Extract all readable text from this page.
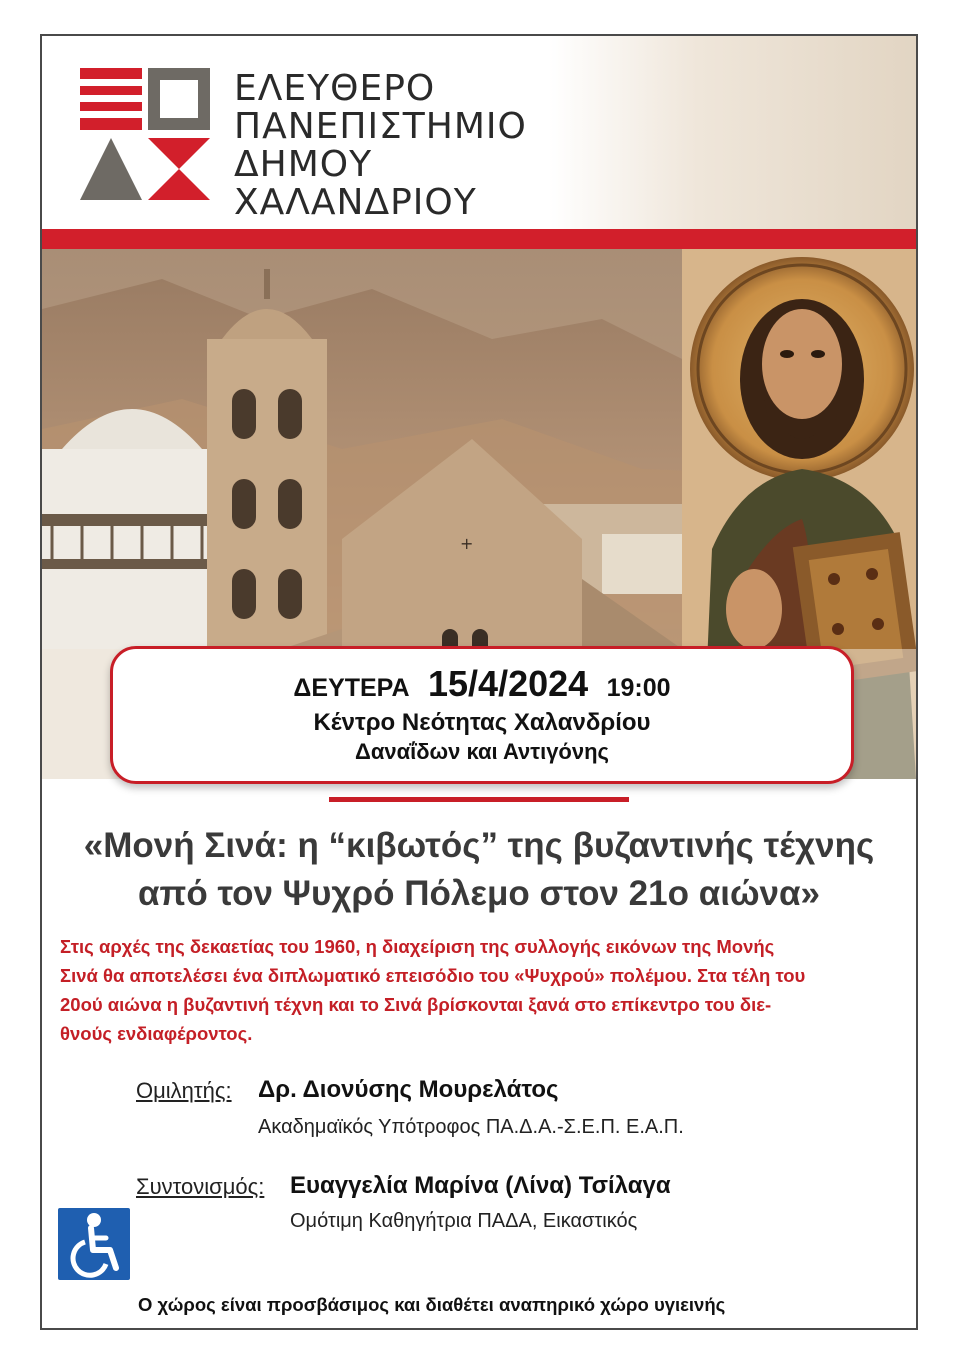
ΕΛΕΥΘΕΡΟ
ΠΑΝΕΠΙΣΤΗΜΙΟ
ΔΗΜΟΥ
ΧΑΛΑΝΔΡΙΟΥ
+
ΔΕΥΤΕΡΑ 15/4/2024 19:00
Κέντρο Νεότητας Χαλανδρίου
Δαναΐδων και Αντιγόνης
«Μονή Σινά: η “κιβωτός” της βυζαντινής τέχνης
από τον Ψυχρό Πόλεμο στον 21ο αιώνα»
Στις αρχές της δεκαετίας του 1960, η διαχείριση της συλλογής εικόνων της Μονής
Σινά θα αποτελέσει ένα διπλωματικό επεισόδιο του «Ψυχρού» πολέμου. Στα τέλη του
20ού αιώνα η βυζαντινή τέχνη και το Σινά βρίσκονται ξανά στο επίκεντρο του διε-
θνούς ενδιαφέροντος.
Ομιλητής: Δρ. Διονύσης Μουρελάτος
Ακαδημαϊκός Υπότροφος ΠΑ.Δ.Α.-Σ.Ε.Π. Ε.Α.Π.
Συντονισμός: Ευαγγελία Μαρίνα (Λίνα) Τσίλαγα
Ομότιμη Καθηγήτρια ΠΑΔΑ, Εικαστικός
Ο χώρος είναι προσβάσιμος και διαθέτει αναπηρικό χώρο υγιεινής
